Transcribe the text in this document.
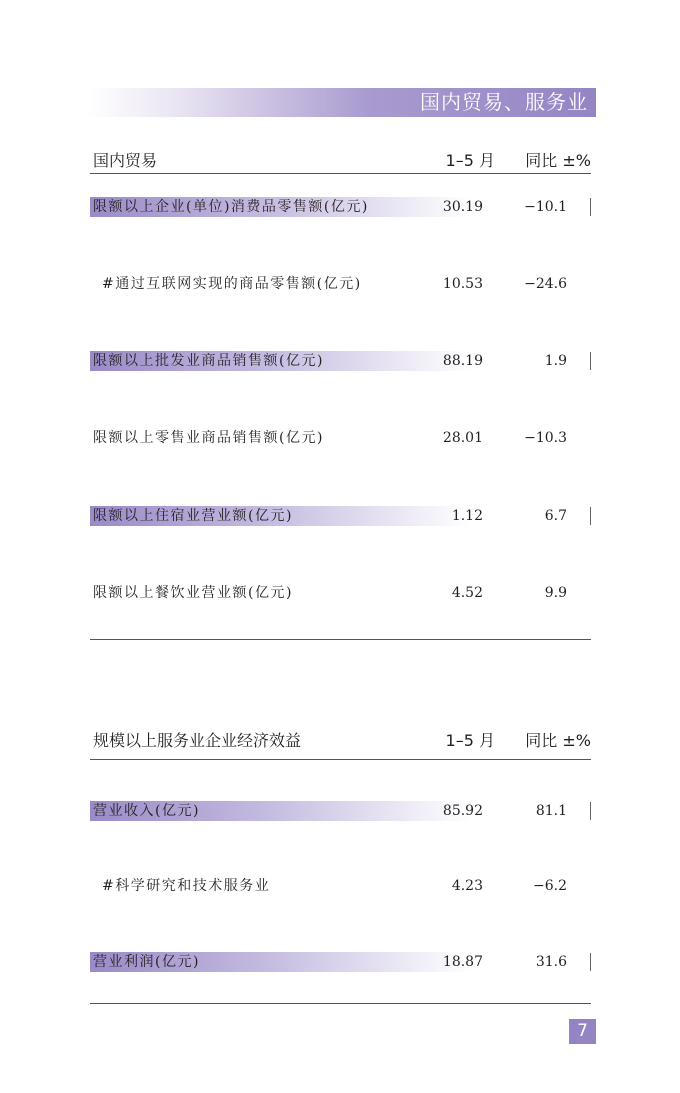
国内贸易、服务业
国内贸易	1–5 月 同比 ±%
限额以上企业(单位)消费品零售额(亿元)	30.19	−10.1
#通过互联网实现的商品零售额(亿元)	10.53	−24.6
限额以上批发业商品销售额(亿元)	88.19	1.9
限额以上零售业商品销售额(亿元)	28.01	−10.3
限额以上住宿业营业额(亿元)	1.12	6.7
限额以上餐饮业营业额(亿元)	4.52	9.9
规模以上服务业企业经济效益	1–5 月 同比 ±%
营业收入(亿元)	85.92	81.1
#科学研究和技术服务业	4.23	−6.2
营业利润(亿元)	18.87	31.6
7
